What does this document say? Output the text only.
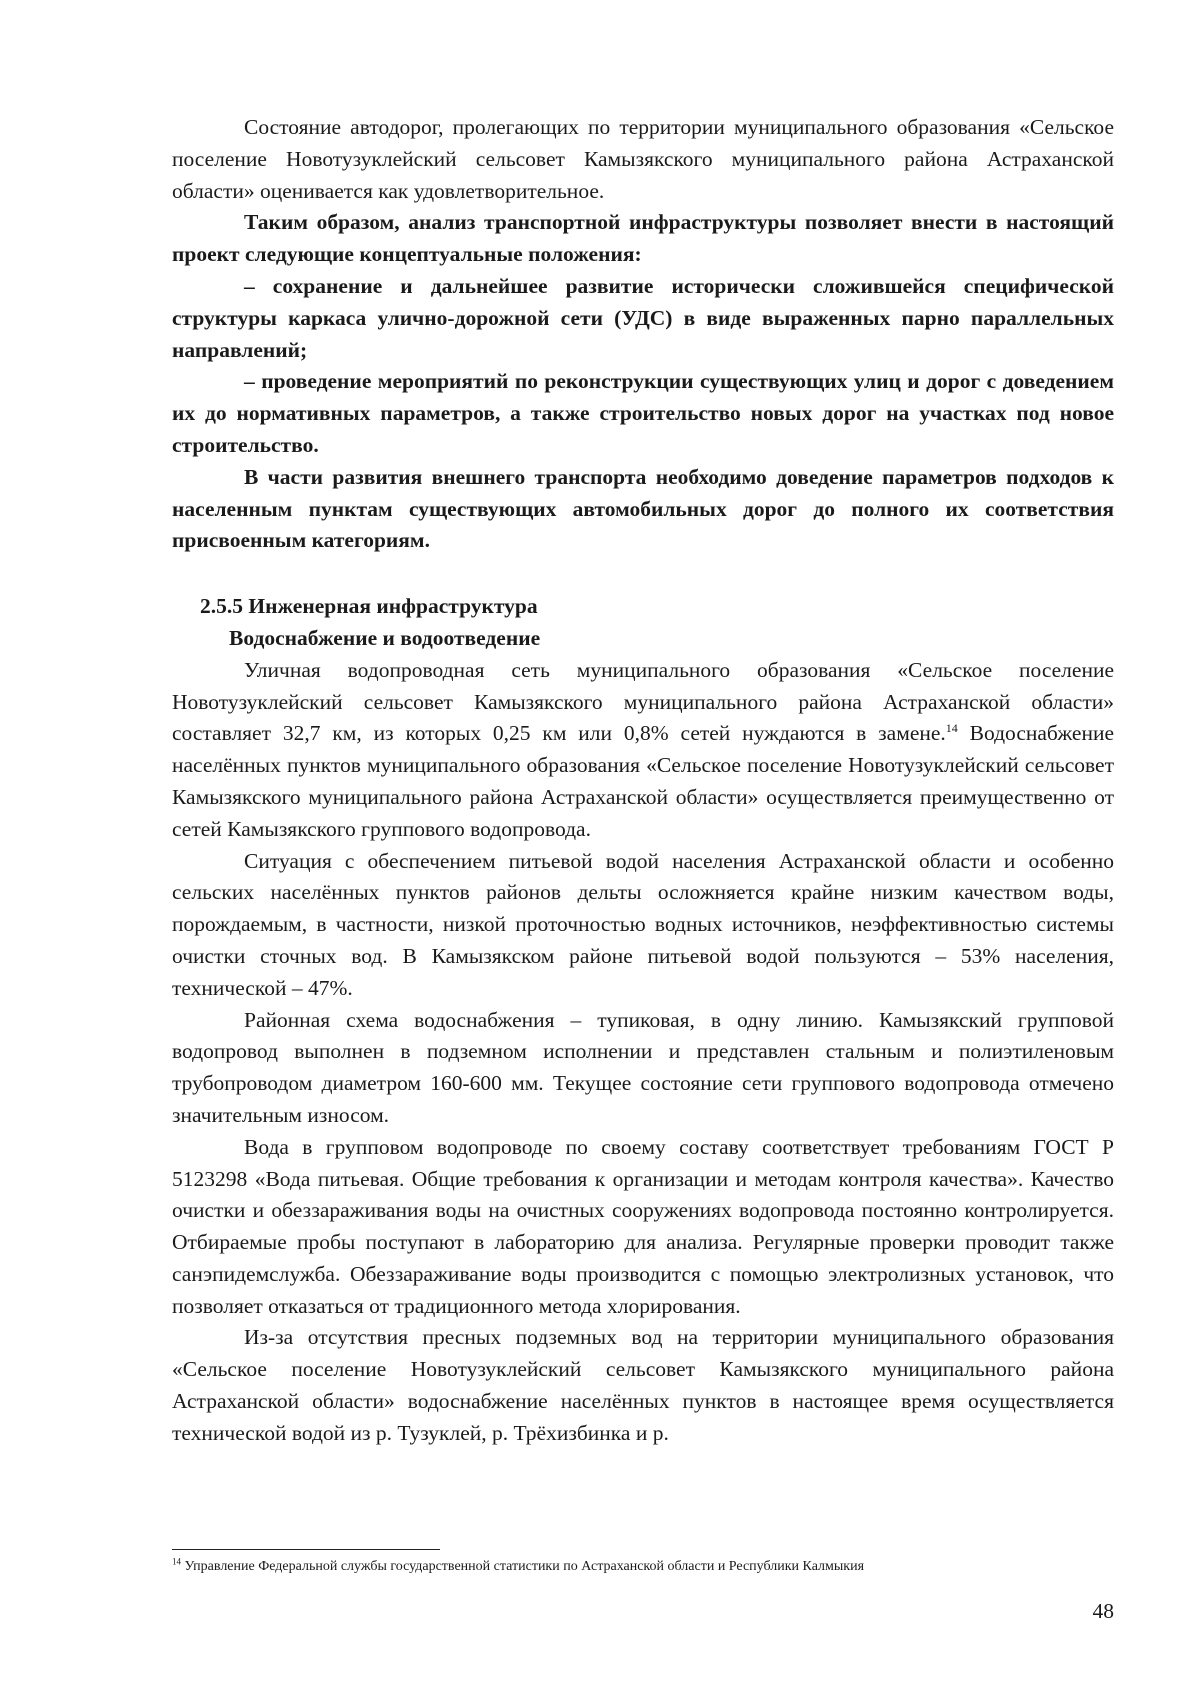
Состояние автодорог, пролегающих по территории муниципального образования «Сельское поселение Новотузуклейский сельсовет Камызякского муниципального района Астраханской области» оценивается как удовлетворительное.

Таким образом, анализ транспортной инфраструктуры позволяет внести в настоящий проект следующие концептуальные положения:

– сохранение и дальнейшее развитие исторически сложившейся специфической структуры каркаса улично-дорожной сети (УДС) в виде выраженных парно параллельных направлений;

– проведение мероприятий по реконструкции существующих улиц и дорог с доведением их до нормативных параметров, а также строительство новых дорог на участках под новое строительство.

В части развития внешнего транспорта необходимо доведение параметров подходов к населенным пунктам существующих автомобильных дорог до полного их соответствия присвоенным категориям.

2.5.5 Инженерная инфраструктура

Водоснабжение и водоотведение

Уличная водопроводная сеть муниципального образования «Сельское поселение Новотузуклейский сельсовет Камызякского муниципального района Астраханской области» составляет 32,7 км, из которых 0,25 км или 0,8% сетей нуждаются в замене.$^{14}$ Водоснабжение населённых пунктов муниципального образования «Сельское поселение Новотузуклейский сельсовет Камызякского муниципального района Астраханской области» осуществляется преимущественно от сетей Камызякского группового водопровода.

Ситуация с обеспечением питьевой водой населения Астраханской области и особенно сельских населённых пунктов районов дельты осложняется крайне низким качеством воды, порождаемым, в частности, низкой проточностью водных источников, неэффективностью системы очистки сточных вод. В Камызякском районе питьевой водой пользуются – 53% населения, технической – 47%.

Районная схема водоснабжения – тупиковая, в одну линию. Камызякский групповой водопровод выполнен в подземном исполнении и представлен стальным и полиэтиленовым трубопроводом диаметром 160-600 мм. Текущее состояние сети группового водопровода отмечено значительным износом.

Вода в групповом водопроводе по своему составу соответствует требованиям ГОСТ Р 5123298 «Вода питьевая. Общие требования к организации и методам контроля качества». Качество очистки и обеззараживания воды на очистных сооружениях водопровода постоянно контролируется. Отбираемые пробы поступают в лабораторию для анализа. Регулярные проверки проводит также санэпидемслужба. Обеззараживание воды производится с помощью электролизных установок, что позволяет отказаться от традиционного метода хлорирования.

Из-за отсутствия пресных подземных вод на территории муниципального образования «Сельское поселение Новотузуклейский сельсовет Камызякского муниципального района Астраханской области» водоснабжение населённых пунктов в настоящее время осуществляется технической водой из р. Тузуклей, р. Трёхизбинка и р.

$^{14}$ Управление Федеральной службы государственной статистики по Астраханской области и Республики Калмыкия

48
